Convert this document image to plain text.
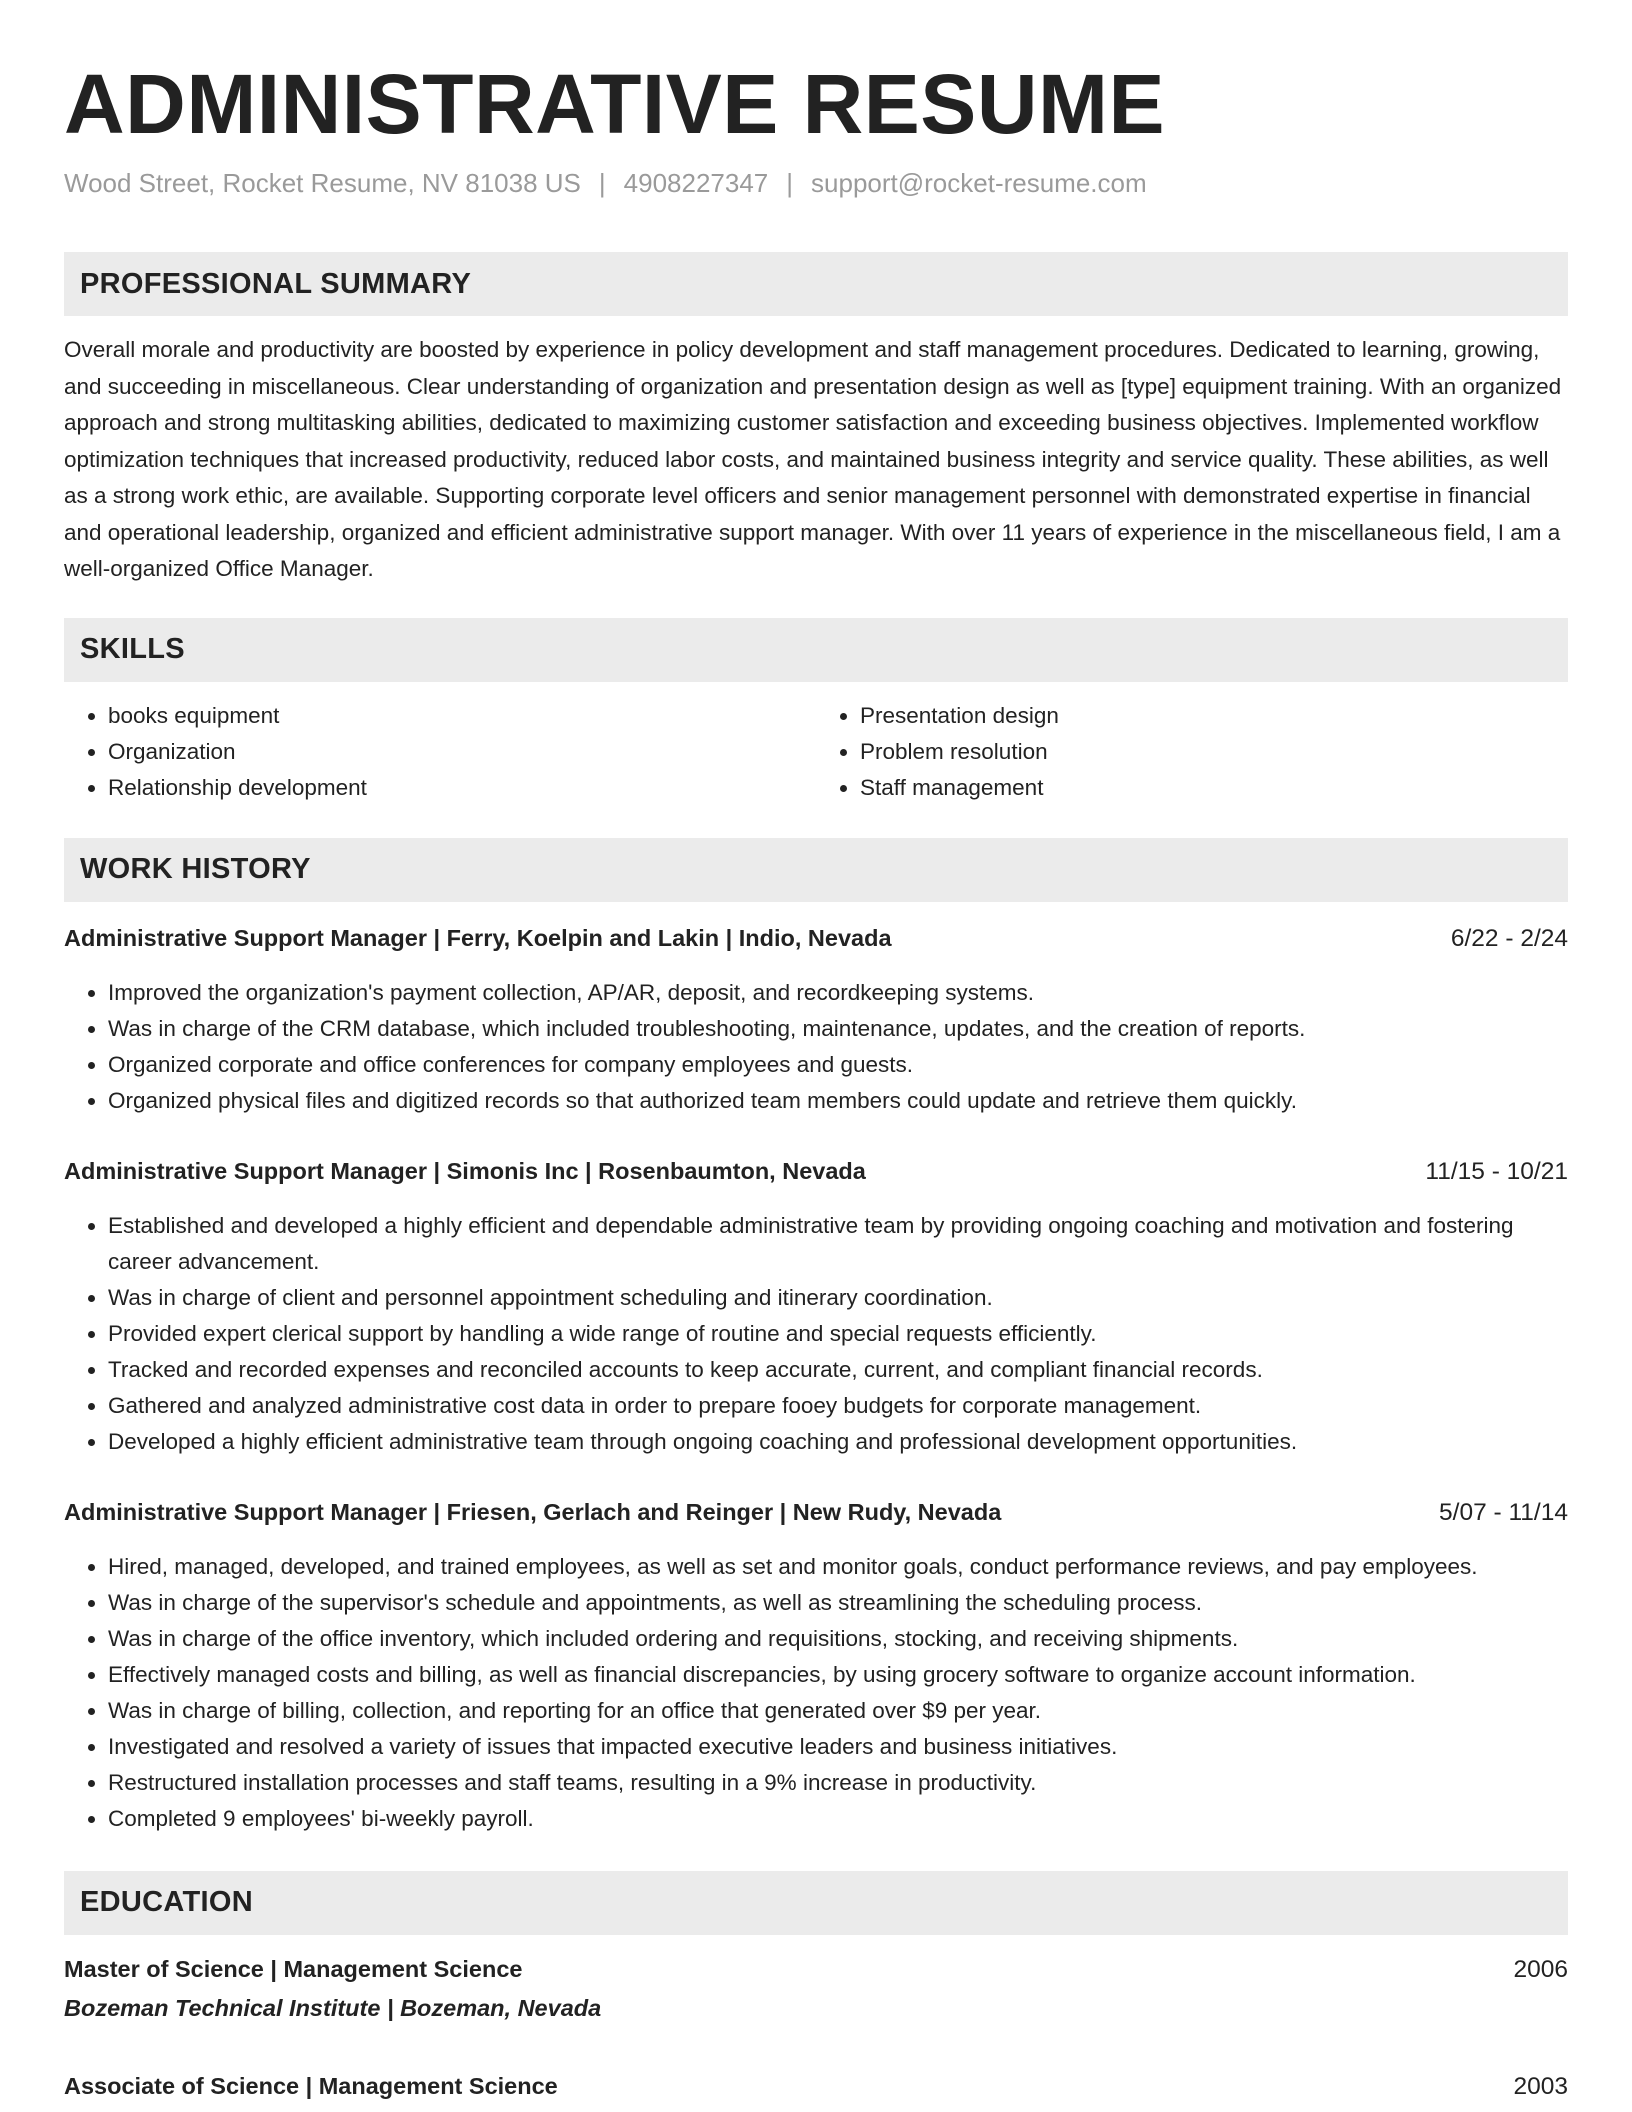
ADMINISTRATIVE RESUME
Wood Street, Rocket Resume, NV 81038 US | 4908227347 | support@rocket-resume.com
PROFESSIONAL SUMMARY

Overall morale and productivity are boosted by experience in policy development and staff management procedures. Dedicated to learning, growing, and succeeding in miscellaneous. Clear understanding of organization and presentation design as well as [type] equipment training. With an organized approach and strong multitasking abilities, dedicated to maximizing customer satisfaction and exceeding business objectives. Implemented workflow optimization techniques that increased productivity, reduced labor costs, and maintained business integrity and service quality. These abilities, as well as a strong work ethic, are available. Supporting corporate level officers and senior management personnel with demonstrated expertise in financial and operational leadership, organized and efficient administrative support manager. With over 11 years of experience in the miscellaneous field, I am a well-organized Office Manager.

SKILLS
• books equipment
• Organization
• Relationship development
• Presentation design
• Problem resolution
• Staff management
WORK HISTORY
Administrative Support Manager | Ferry, Koelpin and Lakin | Indio, Nevada	6/22 - 2/24
• Improved the organization's payment collection, AP/AR, deposit, and recordkeeping systems.
• Was in charge of the CRM database, which included troubleshooting, maintenance, updates, and the creation of reports.
• Organized corporate and office conferences for company employees and guests.
• Organized physical files and digitized records so that authorized team members could update and retrieve them quickly.
Administrative Support Manager | Simonis Inc | Rosenbaumton, Nevada	11/15 - 10/21
• Established and developed a highly efficient and dependable administrative team by providing ongoing coaching and motivation and fostering career advancement.
• Was in charge of client and personnel appointment scheduling and itinerary coordination.
• Provided expert clerical support by handling a wide range of routine and special requests efficiently.
• Tracked and recorded expenses and reconciled accounts to keep accurate, current, and compliant financial records.
• Gathered and analyzed administrative cost data in order to prepare fooey budgets for corporate management.
• Developed a highly efficient administrative team through ongoing coaching and professional development opportunities.
Administrative Support Manager | Friesen, Gerlach and Reinger | New Rudy, Nevada	5/07 - 11/14
• Hired, managed, developed, and trained employees, as well as set and monitor goals, conduct performance reviews, and pay employees.
• Was in charge of the supervisor's schedule and appointments, as well as streamlining the scheduling process.
• Was in charge of the office inventory, which included ordering and requisitions, stocking, and receiving shipments.
• Effectively managed costs and billing, as well as financial discrepancies, by using grocery software to organize account information.
• Was in charge of billing, collection, and reporting for an office that generated over $9 per year.
• Investigated and resolved a variety of issues that impacted executive leaders and business initiatives.
• Restructured installation processes and staff teams, resulting in a 9% increase in productivity.
• Completed 9 employees' bi-weekly payroll.
EDUCATION
Master of Science | Management Science	2006
Bozeman Technical Institute | Bozeman, Nevada
Associate of Science | Management Science	2003
